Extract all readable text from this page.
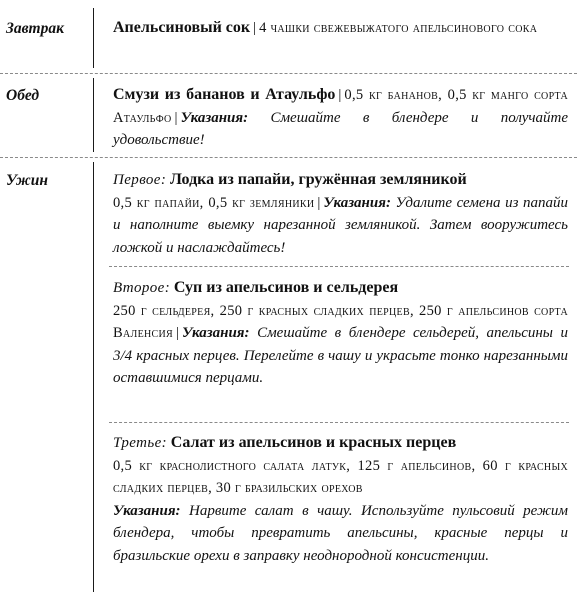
Завтрак	Апельсиновый сок | 4 чашки свежевыжатого апельсинового сока
Обед	Смузи из бананов и Атаульфо | 0,5 кг бананов, 0,5 кг манго сорта Атаульфо | Указания: Смешайте в блендере и получайте удовольствие!
Ужин	Первое: Лодка из папайи, гружённая земляникой
0,5 кг папайи, 0,5 кг земляники | Указания: Удалите семена из папайи и наполните выемку нарезанной земляникой. Затем вооружитесь ложкой и наслаждайтесь!
Второе: Суп из апельсинов и сельдерея
250 г сельдерея, 250 г красных сладких перцев, 250 г апельсинов сорта Валенсия | Указания: Смешайте в блендере сельдерей, апельсины и 3/4 красных перцев. Перелейте в чашу и украсьте тонко нарезанными оставшимися перцами.
Третье: Салат из апельсинов и красных перцев
0,5 кг краснолистного салата латук, 125 г апельсинов, 60 г красных сладких перцев, 30 г бразильских орехов
Указания: Нарвите салат в чашу. Используйте пульсовий режим блендера, чтобы превратить апельсины, красные перцы и бразильские орехи в заправку неоднородной консистенции.
